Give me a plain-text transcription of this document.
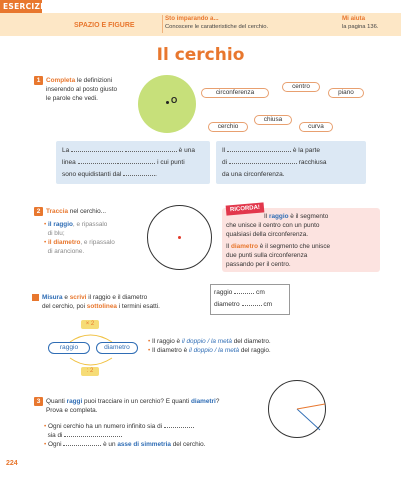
ESERCIZI
SPAZIO E FIGURE
Sto imparando a...
Conoscere le caratteristiche del cerchio.
Mi aiuta
la pagina 136.
Il cerchio
1 Completa le definizioni
inserendo al posto giusto
le parole che vedi.	O
centro
circonferenza	piano
chiusa
cerchio	curva
La	è una
linea	i cui punti
sono equidistanti dal	.
Il	è la parte
di	racchiusa
da una circonferenza.
2 Traccia nel cerchio...
• il raggio, e ripassalo
di blu;
• il diametro, e ripassalo
di arancione.
Il raggio è il segmento
che unisce il centro con un punto
qualsiasi della circonferenza.
Il diametro è il segmento che unisce
due punti sulla circonferenza
passando per il centro.
RICORDA!
Misura e scrivi il raggio e il diametro
del cerchio, poi sottolinea i termini esatti.
raggio	cm
diametro	cm
× 2
raggio	diametro
: 2
• Il raggio è il doppio / la metà del diametro.
• Il diametro è il doppio / la metà del raggio.
3 Quanti raggi puoi tracciare in un cerchio? E quanti diametri?
Prova e completa.
• Ogni cerchio ha un numero infinito sia di
sia di
• Ogni	è un asse di simmetria del cerchio.
224
